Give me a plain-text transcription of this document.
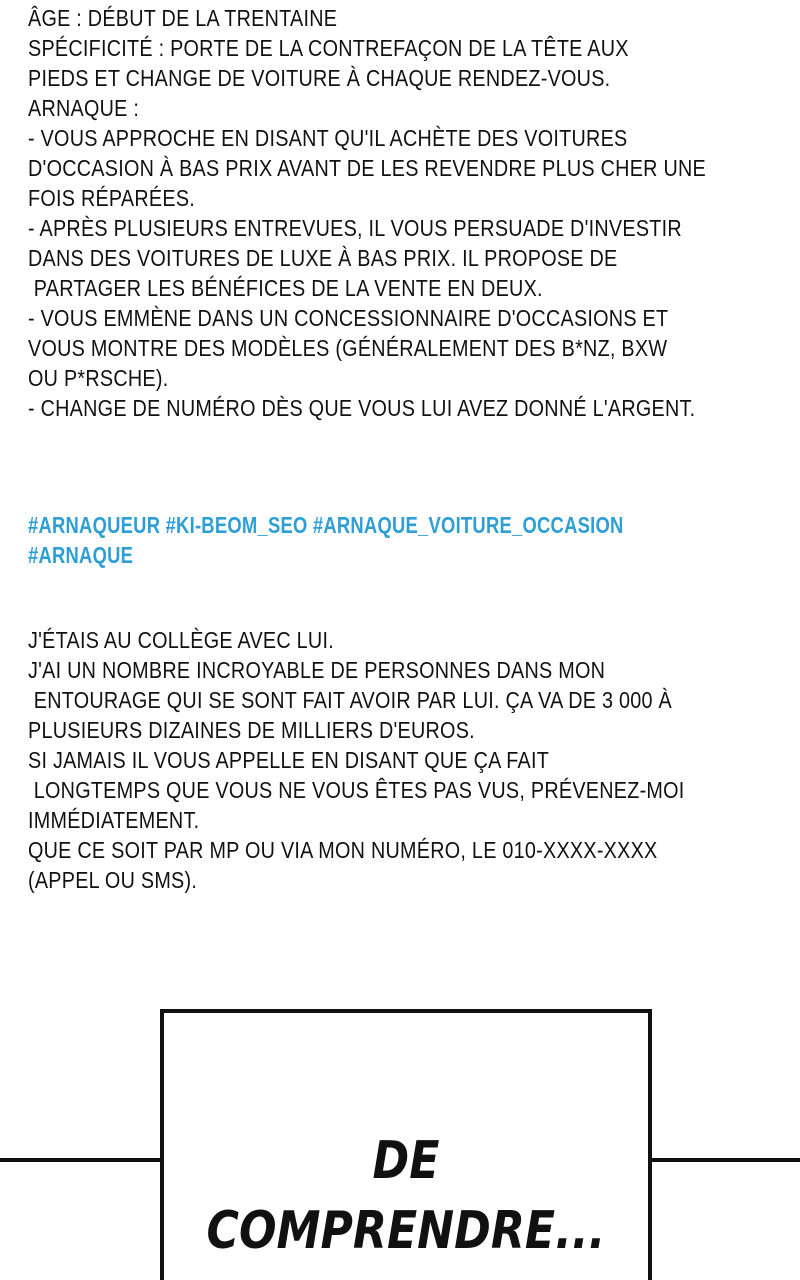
ÂGE : DÉBUT DE LA TRENTAINE
SPÉCIFICITÉ : PORTE DE LA CONTREFAÇON DE LA TÊTE AUX
PIEDS ET CHANGE DE VOITURE À CHAQUE RENDEZ-VOUS.
ARNAQUE :
- VOUS APPROCHE EN DISANT QU'IL ACHÈTE DES VOITURES
D'OCCASION À BAS PRIX AVANT DE LES REVENDRE PLUS CHER UNE
FOIS RÉPARÉES.
- APRÈS PLUSIEURS ENTREVUES, IL VOUS PERSUADE D'INVESTIR
DANS DES VOITURES DE LUXE À BAS PRIX. IL PROPOSE DE
PARTAGER LES BÉNÉFICES DE LA VENTE EN DEUX.
- VOUS EMMÈNE DANS UN CONCESSIONNAIRE D'OCCASIONS ET
VOUS MONTRE DES MODÈLES (GÉNÉRALEMENT DES B*NZ, BXW
OU P*RSCHE).
- CHANGE DE NUMÉRO DÈS QUE VOUS LUI AVEZ DONNÉ L'ARGENT.
#ARNAQUEUR #KI-BEOM_SEO #ARNAQUE_VOITURE_OCCASION
#ARNAQUE
J'ÉTAIS AU COLLÈGE AVEC LUI.
J'AI UN NOMBRE INCROYABLE DE PERSONNES DANS MON
ENTOURAGE QUI SE SONT FAIT AVOIR PAR LUI. ÇA VA DE 3 000 À
PLUSIEURS DIZAINES DE MILLIERS D'EUROS.
SI JAMAIS IL VOUS APPELLE EN DISANT QUE ÇA FAIT
LONGTEMPS QUE VOUS NE VOUS ÊTES PAS VUS, PRÉVENEZ-MOI
IMMÉDIATEMENT.
QUE CE SOIT PAR MP OU VIA MON NUMÉRO, LE 010-XXXX-XXXX
(APPEL OU SMS).
DE
COMPRENDRE...
